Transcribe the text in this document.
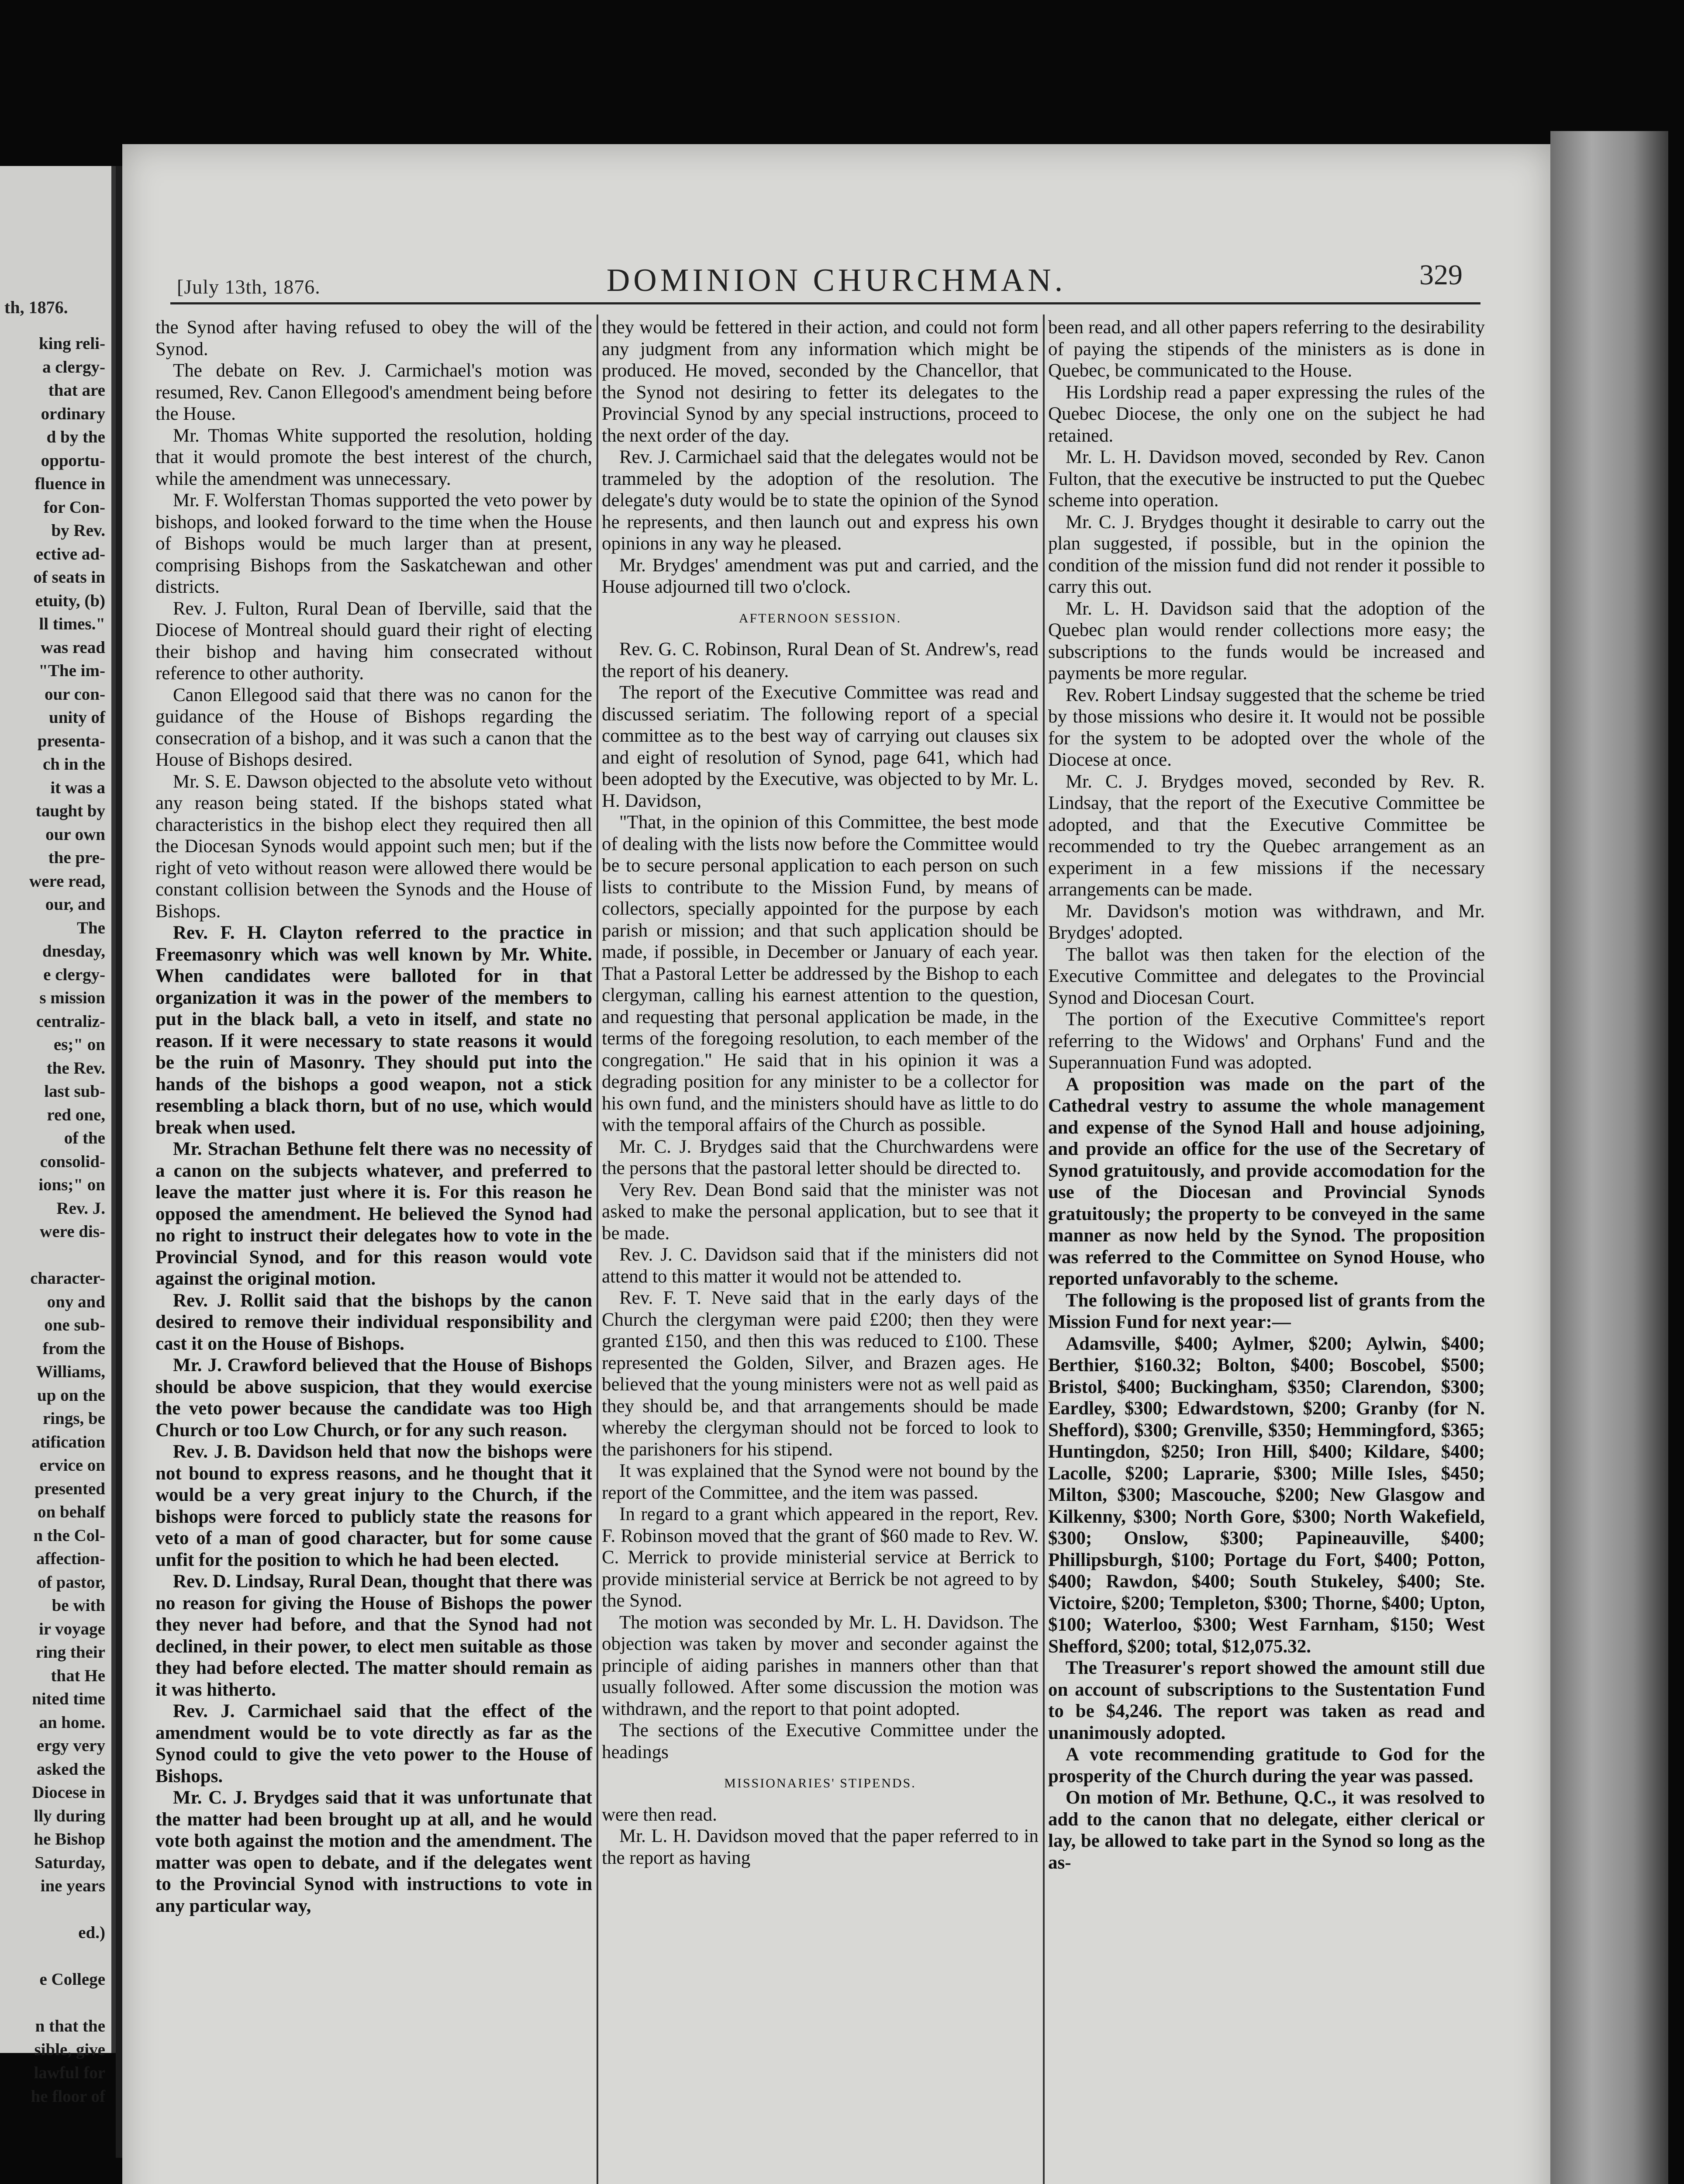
th, 1876.
king reli-
a clergy-
that are
ordinary
d by the
opportu-
fluence in
for Con-
by Rev.
ective ad-
of seats in
etuity, (b)
ll times."
was read
"The im-
our con-
unity of
presenta-
ch in the
it was a
taught by
our own
the pre-
were read,
our, and
The
dnesday,
e clergy-
s mission
centraliz-
es;" on
the Rev.
last sub-
red one,
of the
consolid-
ions;" on
Rev. J.
were dis-

character-
ony and
one sub-
from the
Williams,
up on the
rings, be
atification
ervice on
presented
on behalf
n the Col-
affection-
of pastor,
be with
ir voyage
ring their
that He
nited time
an home.
ergy very
asked the
Diocese in
lly during
he Bishop
Saturday,
ine years

ed.)

e College

n that the
sible, give
lawful for
he floor of
[July 13th, 1876.	DOMINION CHURCHMAN.	329

the Synod after having refused to obey the will of the Synod.

The debate on Rev. J. Carmichael's motion was resumed, Rev. Canon Ellegood's amendment being before the House.

Mr. Thomas White supported the resolution, holding that it would promote the best interest of the church, while the amendment was unnecessary.

Mr. F. Wolferstan Thomas supported the veto power by bishops, and looked forward to the time when the House of Bishops would be much larger than at present, comprising Bishops from the Saskatchewan and other districts.

Rev. J. Fulton, Rural Dean of Iberville, said that the Diocese of Montreal should guard their right of electing their bishop and having him consecrated without reference to other authority.

Canon Ellegood said that there was no canon for the guidance of the House of Bishops regarding the consecration of a bishop, and it was such a canon that the House of Bishops desired.

Mr. S. E. Dawson objected to the absolute veto without any reason being stated. If the bishops stated what characteristics in the bishop elect they required then all the Diocesan Synods would appoint such men; but if the right of veto without reason were allowed there would be constant collision between the Synods and the House of Bishops.

Rev. F. H. Clayton referred to the practice in Freemasonry which was well known by Mr. White. When candidates were balloted for in that organization it was in the power of the members to put in the black ball, a veto in itself, and state no reason. If it were necessary to state reasons it would be the ruin of Masonry. They should put into the hands of the bishops a good weapon, not a stick resembling a black thorn, but of no use, which would break when used.

Mr. Strachan Bethune felt there was no necessity of a canon on the subjects whatever, and preferred to leave the matter just where it is. For this reason he opposed the amendment. He believed the Synod had no right to instruct their delegates how to vote in the Provincial Synod, and for this reason would vote against the original motion.

Rev. J. Rollit said that the bishops by the canon desired to remove their individual responsibility and cast it on the House of Bishops.

Mr. J. Crawford believed that the House of Bishops should be above suspicion, that they would exercise the veto power because the candidate was too High Church or too Low Church, or for any such reason.

Rev. J. B. Davidson held that now the bishops were not bound to express reasons, and he thought that it would be a very great injury to the Church, if the bishops were forced to publicly state the reasons for veto of a man of good character, but for some cause unfit for the position to which he had been elected.

Rev. D. Lindsay, Rural Dean, thought that there was no reason for giving the House of Bishops the power they never had before, and that the Synod had not declined, in their power, to elect men suitable as those they had before elected. The matter should remain as it was hitherto.

Rev. J. Carmichael said that the effect of the amendment would be to vote directly as far as the Synod could to give the veto power to the House of Bishops.

Mr. C. J. Brydges said that it was unfortunate that the matter had been brought up at all, and he would vote both against the motion and the amendment. The matter was open to debate, and if the delegates went to the Provincial Synod with instructions to vote in any particular way,

they would be fettered in their action, and could not form any judgment from any information which might be produced. He moved, seconded by the Chancellor, that the Synod not desiring to fetter its delegates to the Provincial Synod by any special instructions, proceed to the next order of the day.

Rev. J. Carmichael said that the delegates would not be trammeled by the adoption of the resolution. The delegate's duty would be to state the opinion of the Synod he represents, and then launch out and express his own opinions in any way he pleased.

Mr. Brydges' amendment was put and carried, and the House adjourned till two o'clock.

AFTERNOON SESSION.

Rev. G. C. Robinson, Rural Dean of St. Andrew's, read the report of his deanery.

The report of the Executive Committee was read and discussed seriatim. The following report of a special committee as to the best way of carrying out clauses six and eight of resolution of Synod, page 641, which had been adopted by the Executive, was objected to by Mr. L. H. Davidson,

"That, in the opinion of this Committee, the best mode of dealing with the lists now before the Committee would be to secure personal application to each person on such lists to contribute to the Mission Fund, by means of collectors, specially appointed for the purpose by each parish or mission; and that such application should be made, if possible, in December or January of each year. That a Pastoral Letter be addressed by the Bishop to each clergyman, calling his earnest attention to the question, and requesting that personal application be made, in the terms of the foregoing resolution, to each member of the congregation." He said that in his opinion it was a degrading position for any minister to be a collector for his own fund, and the ministers should have as little to do with the temporal affairs of the Church as possible.

Mr. C. J. Brydges said that the Churchwardens were the persons that the pastoral letter should be directed to.

Very Rev. Dean Bond said that the minister was not asked to make the personal application, but to see that it be made.

Rev. J. C. Davidson said that if the ministers did not attend to this matter it would not be attended to.

Rev. F. T. Neve said that in the early days of the Church the clergyman were paid £200; then they were granted £150, and then this was reduced to £100. These represented the Golden, Silver, and Brazen ages. He believed that the young ministers were not as well paid as they should be, and that arrangements should be made whereby the clergyman should not be forced to look to the parishoners for his stipend.

It was explained that the Synod were not bound by the report of the Committee, and the item was passed.

In regard to a grant which appeared in the report, Rev. F. Robinson moved that the grant of $60 made to Rev. W. C. Merrick to provide ministerial service at Berrick to provide ministerial service at Berrick be not agreed to by the Synod.

The motion was seconded by Mr. L. H. Davidson. The objection was taken by mover and seconder against the principle of aiding parishes in manners other than that usually followed. After some discussion the motion was withdrawn, and the report to that point adopted.

The sections of the Executive Committee under the headings

MISSIONARIES' STIPENDS.

were then read.

Mr. L. H. Davidson moved that the paper referred to in the report as having

been read, and all other papers referring to the desirability of paying the stipends of the ministers as is done in Quebec, be communicated to the House.

His Lordship read a paper expressing the rules of the Quebec Diocese, the only one on the subject he had retained.

Mr. L. H. Davidson moved, seconded by Rev. Canon Fulton, that the executive be instructed to put the Quebec scheme into operation.

Mr. C. J. Brydges thought it desirable to carry out the plan suggested, if possible, but in the opinion the condition of the mission fund did not render it possible to carry this out.

Mr. L. H. Davidson said that the adoption of the Quebec plan would render collections more easy; the subscriptions to the funds would be increased and payments be more regular.

Rev. Robert Lindsay suggested that the scheme be tried by those missions who desire it. It would not be possible for the system to be adopted over the whole of the Diocese at once.

Mr. C. J. Brydges moved, seconded by Rev. R. Lindsay, that the report of the Executive Committee be adopted, and that the Executive Committee be recommended to try the Quebec arrangement as an experiment in a few missions if the necessary arrangements can be made.

Mr. Davidson's motion was withdrawn, and Mr. Brydges' adopted.

The ballot was then taken for the election of the Executive Committee and delegates to the Provincial Synod and Diocesan Court.

The portion of the Executive Committee's report referring to the Widows' and Orphans' Fund and the Superannuation Fund was adopted.

A proposition was made on the part of the Cathedral vestry to assume the whole management and expense of the Synod Hall and house adjoining, and provide an office for the use of the Secretary of Synod gratuitously, and provide accomodation for the use of the Diocesan and Provincial Synods gratuitously; the property to be conveyed in the same manner as now held by the Synod. The proposition was referred to the Committee on Synod House, who reported unfavorably to the scheme.

The following is the proposed list of grants from the Mission Fund for next year:—

Adamsville, $400; Aylmer, $200; Aylwin, $400; Berthier, $160.32; Bolton, $400; Boscobel, $500; Bristol, $400; Buckingham, $350; Clarendon, $300; Eardley, $300; Edwardstown, $200; Granby (for N. Shefford), $300; Grenville, $350; Hemmingford, $365; Huntingdon, $250; Iron Hill, $400; Kildare, $400; Lacolle, $200; Laprarie, $300; Mille Isles, $450; Milton, $300; Mascouche, $200; New Glasgow and Kilkenny, $300; North Gore, $300; North Wakefield, $300; Onslow, $300; Papineauville, $400; Phillipsburgh, $100; Portage du Fort, $400; Potton, $400; Rawdon, $400; South Stukeley, $400; Ste. Victoire, $200; Templeton, $300; Thorne, $400; Upton, $100; Waterloo, $300; West Farnham, $150; West Shefford, $200; total, $12,075.32.

The Treasurer's report showed the amount still due on account of subscriptions to the Sustentation Fund to be $4,246. The report was taken as read and unanimously adopted.

A vote recommending gratitude to God for the prosperity of the Church during the year was passed.

On motion of Mr. Bethune, Q.C., it was resolved to add to the canon that no delegate, either clerical or lay, be allowed to take part in the Synod so long as the as-
